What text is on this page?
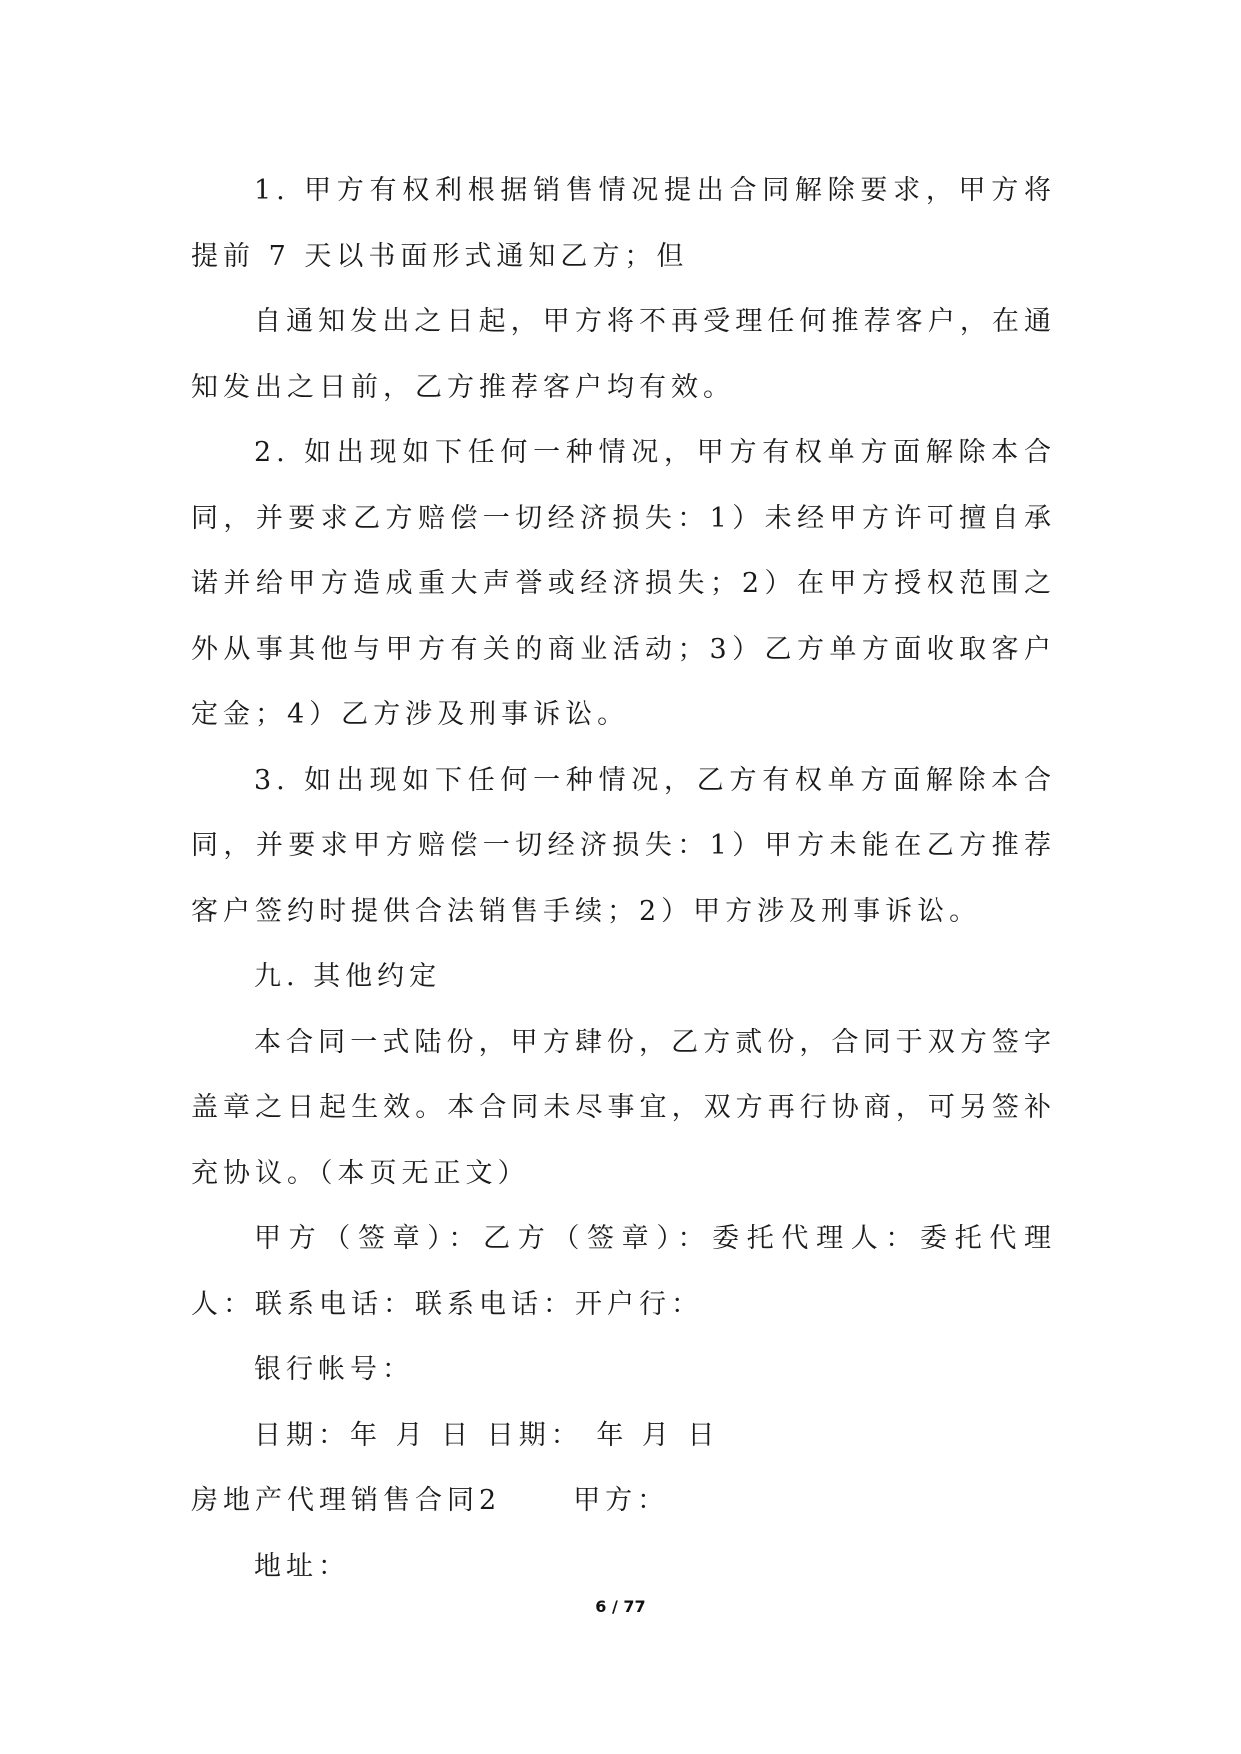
1. 甲方有权利根据销售情况提出合同解除要求，甲方将提前 7 天以书面形式通知乙方；但

自通知发出之日起，甲方将不再受理任何推荐客户，在通知发出之日前，乙方推荐客户均有效。

2. 如出现如下任何一种情况，甲方有权单方面解除本合同，并要求乙方赔偿一切经济损失：1）未经甲方许可擅自承诺并给甲方造成重大声誉或经济损失；2）在甲方授权范围之外从事其他与甲方有关的商业活动；3）乙方单方面收取客户定金；4）乙方涉及刑事诉讼。

3. 如出现如下任何一种情况，乙方有权单方面解除本合同，并要求甲方赔偿一切经济损失：1）甲方未能在乙方推荐客户签约时提供合法销售手续；2）甲方涉及刑事诉讼。

九. 其他约定

本合同一式陆份，甲方肆份，乙方贰份，合同于双方签字盖章之日起生效。本合同未尽事宜，双方再行协商，可另签补充协议。（本页无正文）

甲方（签章）：乙方（签章）：委托代理人：委托代理人：联系电话：联系电话：开户行：

银行帐号：

日期：年 月 日 日期： 年 月 日

房地产代理销售合同2	甲方：

地址：

6 / 77
